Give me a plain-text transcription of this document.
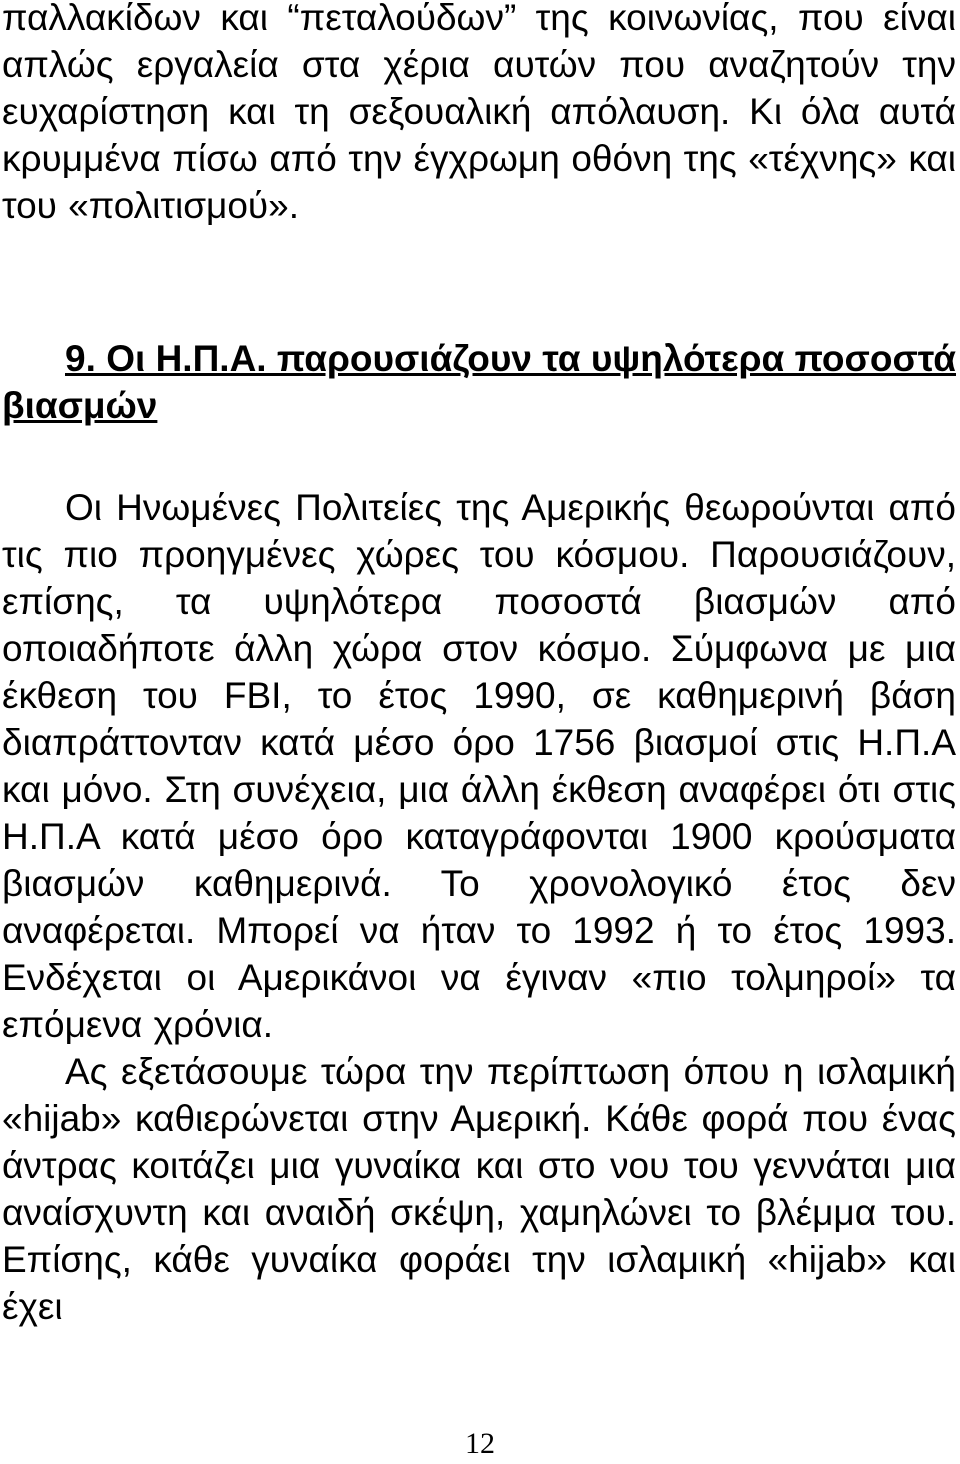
παλλακίδων και “πεταλούδων” της κοινωνίας, που είναι απλώς εργαλεία στα χέρια αυτών που αναζητούν την ευχαρίστηση και τη σεξουαλική απόλαυση. Κι όλα αυτά κρυμμένα πίσω από την έγχρωμη οθόνη της «τέχνης» και του «πολιτισμού».

9. Οι Η.Π.Α. παρουσιάζουν τα υψηλότερα ποσοστά βιασμών

Οι Ηνωμένες Πολιτείες της Αμερικής θεωρούνται από τις πιο προηγμένες χώρες του κόσμου. Παρουσιάζουν, επίσης, τα υψηλότερα ποσοστά βιασμών από οποιαδήποτε άλλη χώρα στον κόσμο. Σύμφωνα με μια έκθεση του FBI, το έτος 1990, σε καθημερινή βάση διαπράττονταν κατά μέσο όρο 1756 βιασμοί στις Η.Π.Α και μόνο. Στη συνέχεια, μια άλλη έκθεση αναφέρει ότι στις Η.Π.Α κατά μέσο όρο καταγράφονται 1900 κρούσματα βιασμών καθημερινά. Το χρονολογικό έτος δεν αναφέρεται. Μπορεί να ήταν το 1992 ή το έτος 1993. Ενδέχεται οι Αμερικάνοι να έγιναν «πιο τολμηροί» τα επόμενα χρόνια.

Ας εξετάσουμε τώρα την περίπτωση όπου η ισλαμική «hijab» καθιερώνεται στην Αμερική. Κάθε φορά που ένας άντρας κοιτάζει μια γυναίκα και στο νου του γεννάται μια αναίσχυντη και αναιδή σκέψη, χαμηλώνει το βλέμμα του. Επίσης, κάθε γυναίκα φοράει την ισλαμική «hijab» και έχει

12
